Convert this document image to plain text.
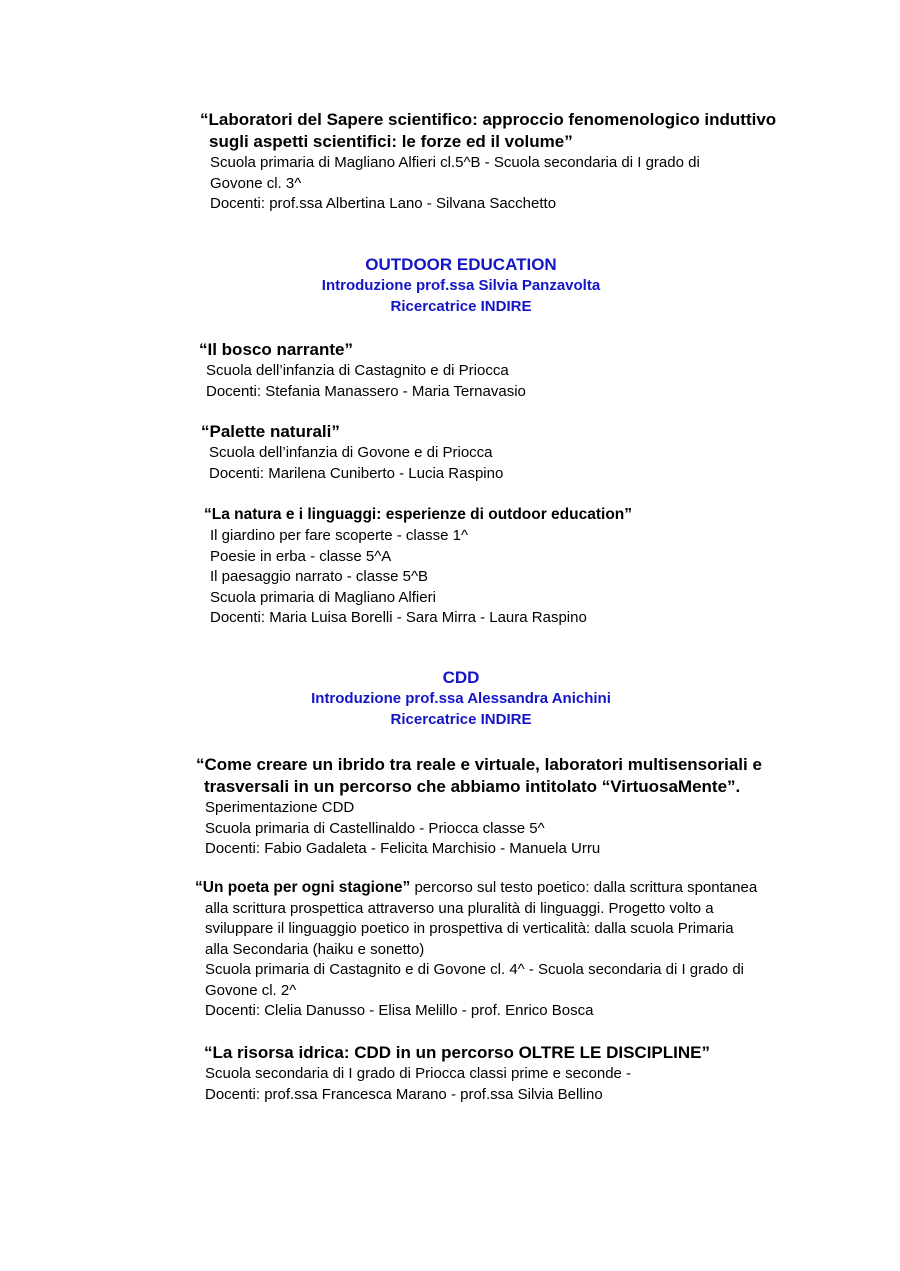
“Laboratori del Sapere scientifico: approccio fenomenologico induttivo
sugli aspetti scientifici: le forze ed il volume”
Scuola primaria di Magliano Alfieri cl.5^B - Scuola secondaria di I grado di
Govone cl. 3^
Docenti: prof.ssa Albertina Lano - Silvana Sacchetto
OUTDOOR EDUCATION
Introduzione prof.ssa Silvia Panzavolta
Ricercatrice INDIRE
“Il bosco narrante”
Scuola dell’infanzia di Castagnito e di Priocca
Docenti: Stefania Manassero - Maria Ternavasio
“Palette naturali”
Scuola dell’infanzia di Govone e di Priocca
Docenti: Marilena Cuniberto - Lucia Raspino
“La natura e i linguaggi: esperienze di outdoor education”
Il giardino per fare scoperte - classe 1^
Poesie in erba - classe 5^A
Il paesaggio narrato - classe 5^B
Scuola primaria di Magliano Alfieri
Docenti: Maria Luisa Borelli - Sara Mirra - Laura Raspino
CDD
Introduzione prof.ssa Alessandra Anichini
Ricercatrice INDIRE
“Come creare un ibrido tra reale e virtuale, laboratori multisensoriali e
trasversali in un percorso che abbiamo intitolato “VirtuosaMente”.
Sperimentazione CDD
Scuola primaria di Castellinaldo - Priocca classe 5^
Docenti: Fabio Gadaleta - Felicita Marchisio - Manuela Urru
“Un poeta per ogni stagione” percorso sul testo poetico: dalla scrittura spontanea
alla scrittura prospettica attraverso una pluralità di linguaggi. Progetto volto a
sviluppare il linguaggio poetico in prospettiva di verticalità: dalla scuola Primaria
alla Secondaria (haiku e sonetto)
Scuola primaria di Castagnito e di Govone cl. 4^ - Scuola secondaria di I grado di
Govone cl. 2^
Docenti: Clelia Danusso - Elisa Melillo - prof. Enrico Bosca
“La risorsa idrica: CDD in un percorso OLTRE LE DISCIPLINE”
Scuola secondaria di I grado di Priocca classi prime e seconde -
Docenti: prof.ssa Francesca Marano - prof.ssa Silvia Bellino
